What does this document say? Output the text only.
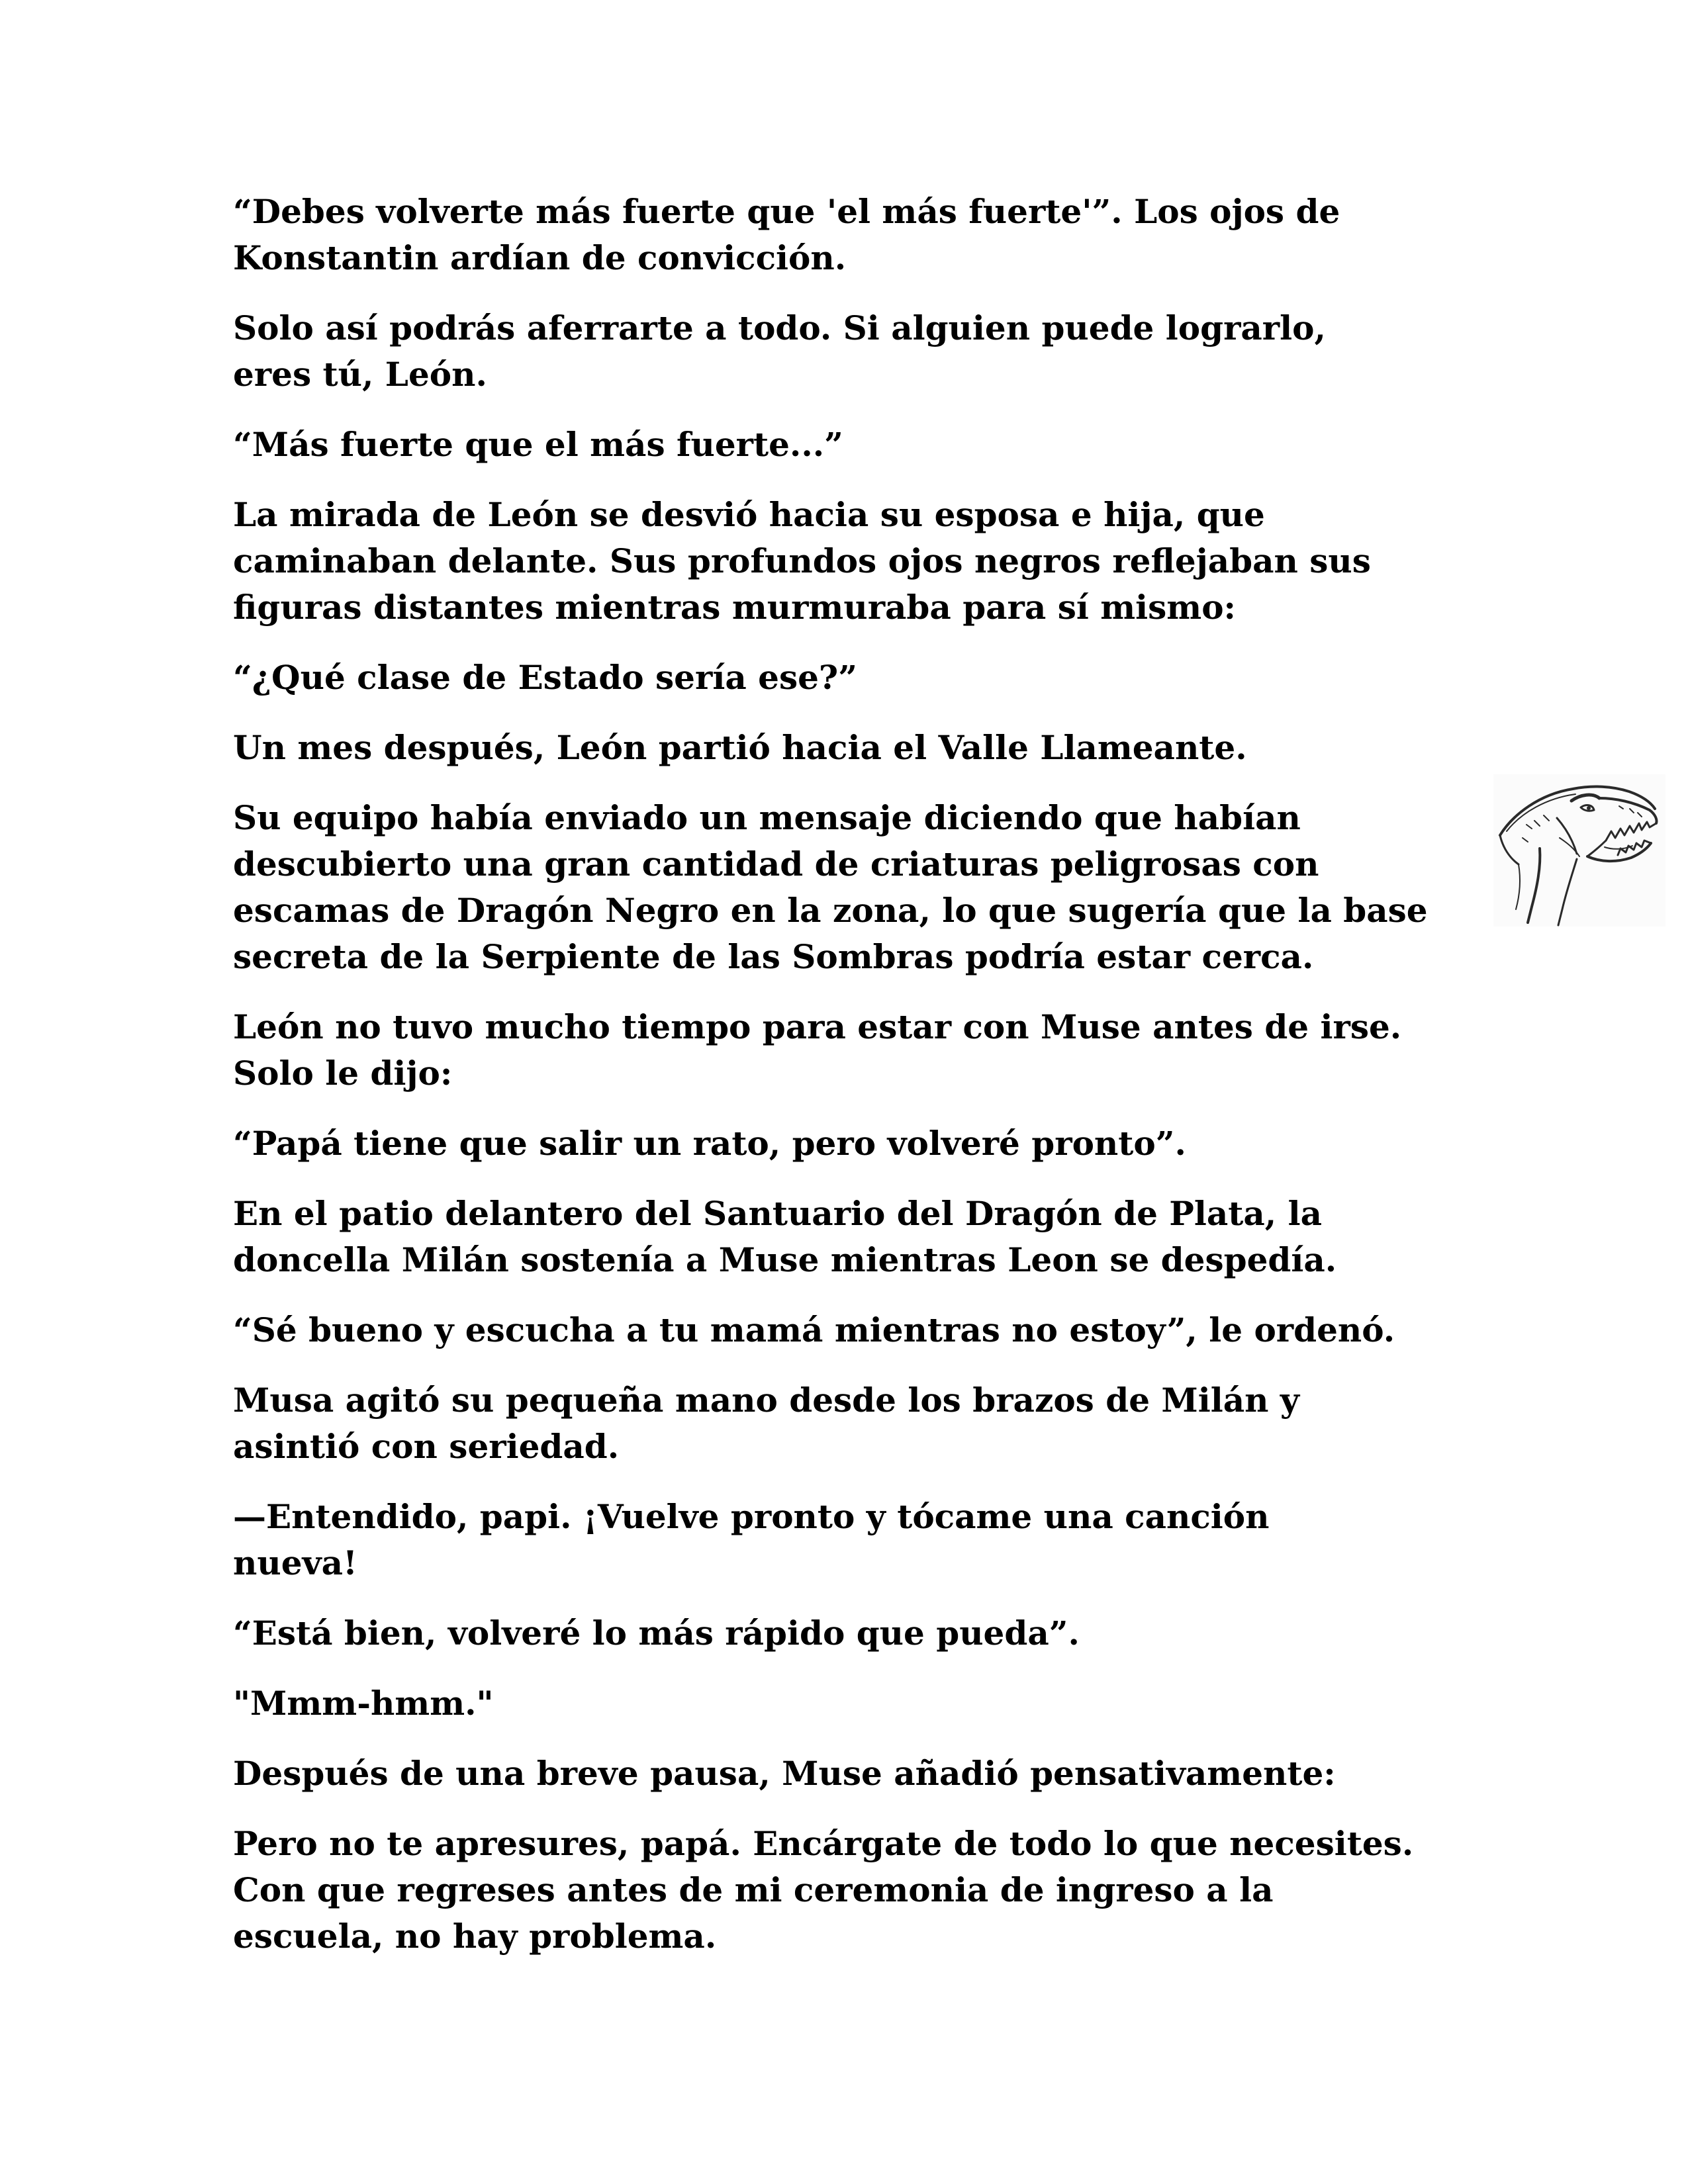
“Debes volverte más fuerte que 'el más fuerte'”. Los ojos de
Konstantin ardían de convicción.

Solo así podrás aferrarte a todo. Si alguien puede lograrlo,
eres tú, León.

“Más fuerte que el más fuerte...”

La mirada de León se desvió hacia su esposa e hija, que
caminaban delante. Sus profundos ojos negros reflejaban sus
figuras distantes mientras murmuraba para sí mismo:

“¿Qué clase de Estado sería ese?”

Un mes después, León partió hacia el Valle Llameante.

Su equipo había enviado un mensaje diciendo que habían
descubierto una gran cantidad de criaturas peligrosas con
escamas de Dragón Negro en la zona, lo que sugería que la base
secreta de la Serpiente de las Sombras podría estar cerca.

León no tuvo mucho tiempo para estar con Muse antes de irse.
Solo le dijo:

“Papá tiene que salir un rato, pero volveré pronto”.

En el patio delantero del Santuario del Dragón de Plata, la
doncella Milán sostenía a Muse mientras Leon se despedía.

“Sé bueno y escucha a tu mamá mientras no estoy”, le ordenó.

Musa agitó su pequeña mano desde los brazos de Milán y
asintió con seriedad.

—Entendido, papi. ¡Vuelve pronto y tócame una canción
nueva!

“Está bien, volveré lo más rápido que pueda”.

"Mmm-hmm."

Después de una breve pausa, Muse añadió pensativamente:

Pero no te apresures, papá. Encárgate de todo lo que necesites.
Con que regreses antes de mi ceremonia de ingreso a la
escuela, no hay problema.
